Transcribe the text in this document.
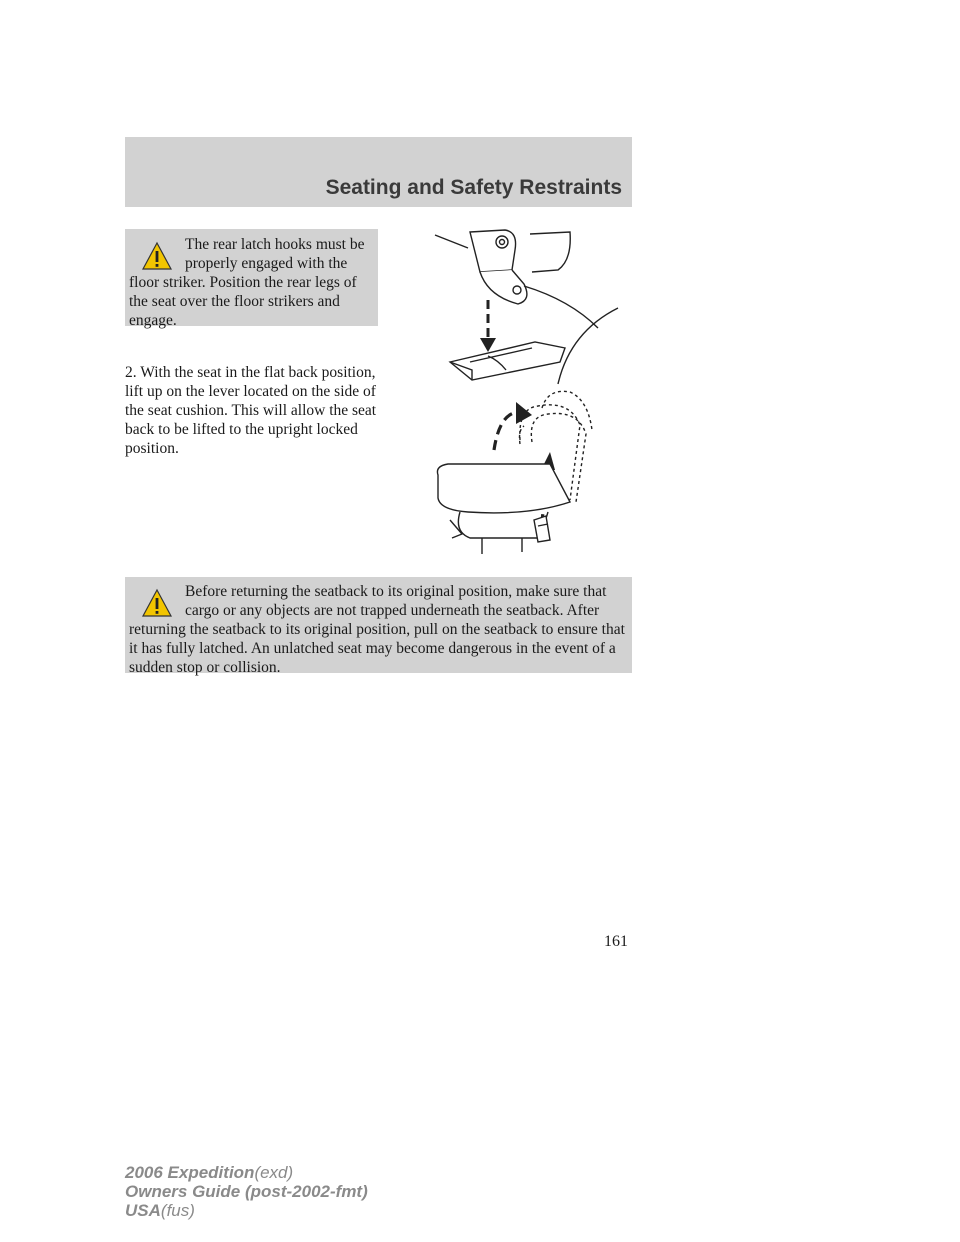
Seating and Safety Restraints
The rear latch hooks must be properly engaged with the floor striker. Position the rear legs of the seat over the floor strikers and engage.
2. With the seat in the flat back position, lift up on the lever located on the side of the seat cushion. This will allow the seat back to be lifted to the upright locked position.
Before returning the seatback to its original position, make sure that cargo or any objects are not trapped underneath the seatback. After returning the seatback to its original position, pull on the seatback to ensure that it has fully latched. An unlatched seat may become dangerous in the event of a sudden stop or collision.
161
2006 Expedition(exd)
Owners Guide (post-2002-fmt)
USA(fus)
